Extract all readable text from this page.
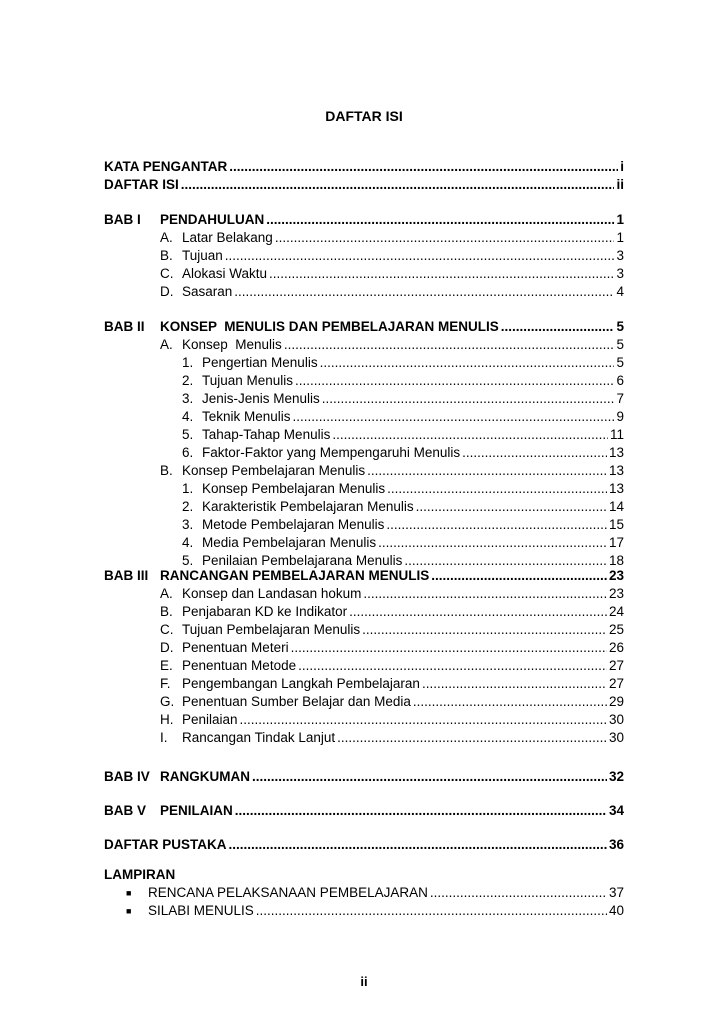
DAFTAR ISI
KATA PENGANTAR .....	i
DAFTAR ISI .....	ii
BAB I PENDAHULUAN .....	1
A. Latar Belakang .....	1
B. Tujuan .....	3
C. Alokasi Waktu .....	3
D. Sasaran .....	4
BAB II KONSEP  MENULIS DAN PEMBELAJARAN MENULIS .....	5
A. Konsep  Menulis .....	5
1. Pengertian Menulis .....	5
2. Tujuan Menulis .....	6
3. Jenis-Jenis Menulis .....	7
4. Teknik Menulis .....	9
5. Tahap-Tahap Menulis .....	11
6. Faktor-Faktor yang Mempengaruhi Menulis .....	13
B. Konsep Pembelajaran Menulis .....	13
1. Konsep Pembelajaran Menulis .....	13
2. Karakteristik Pembelajaran Menulis .....	14
3. Metode Pembelajaran Menulis .....	15
4. Media Pembelajaran Menulis .....	17
5. Penilaian Pembelajarana Menulis .....	18
BAB III RANCANGAN PEMBELAJARAN MENULIS .....	23
A. Konsep dan Landasan hokum .....	23
B. Penjabaran KD ke Indikator .....	24
C. Tujuan Pembelajaran Menulis .....	25
D. Penentuan Meteri .....	26
E. Penentuan Metode .....	27
F. Pengembangan Langkah Pembelajaran .....	27
G. Penentuan Sumber Belajar dan Media .....	29
H. Penilaian .....	30
I. Rancangan Tindak Lanjut .....	30
BAB IV RANGKUMAN .....	32
BAB V PENILAIAN .....	34
DAFTAR PUSTAKA .....	36
LAMPIRAN
■ RENCANA PELAKSANAAN PEMBELAJARAN .....	37
■ SILABI MENULIS .....	40
ii
